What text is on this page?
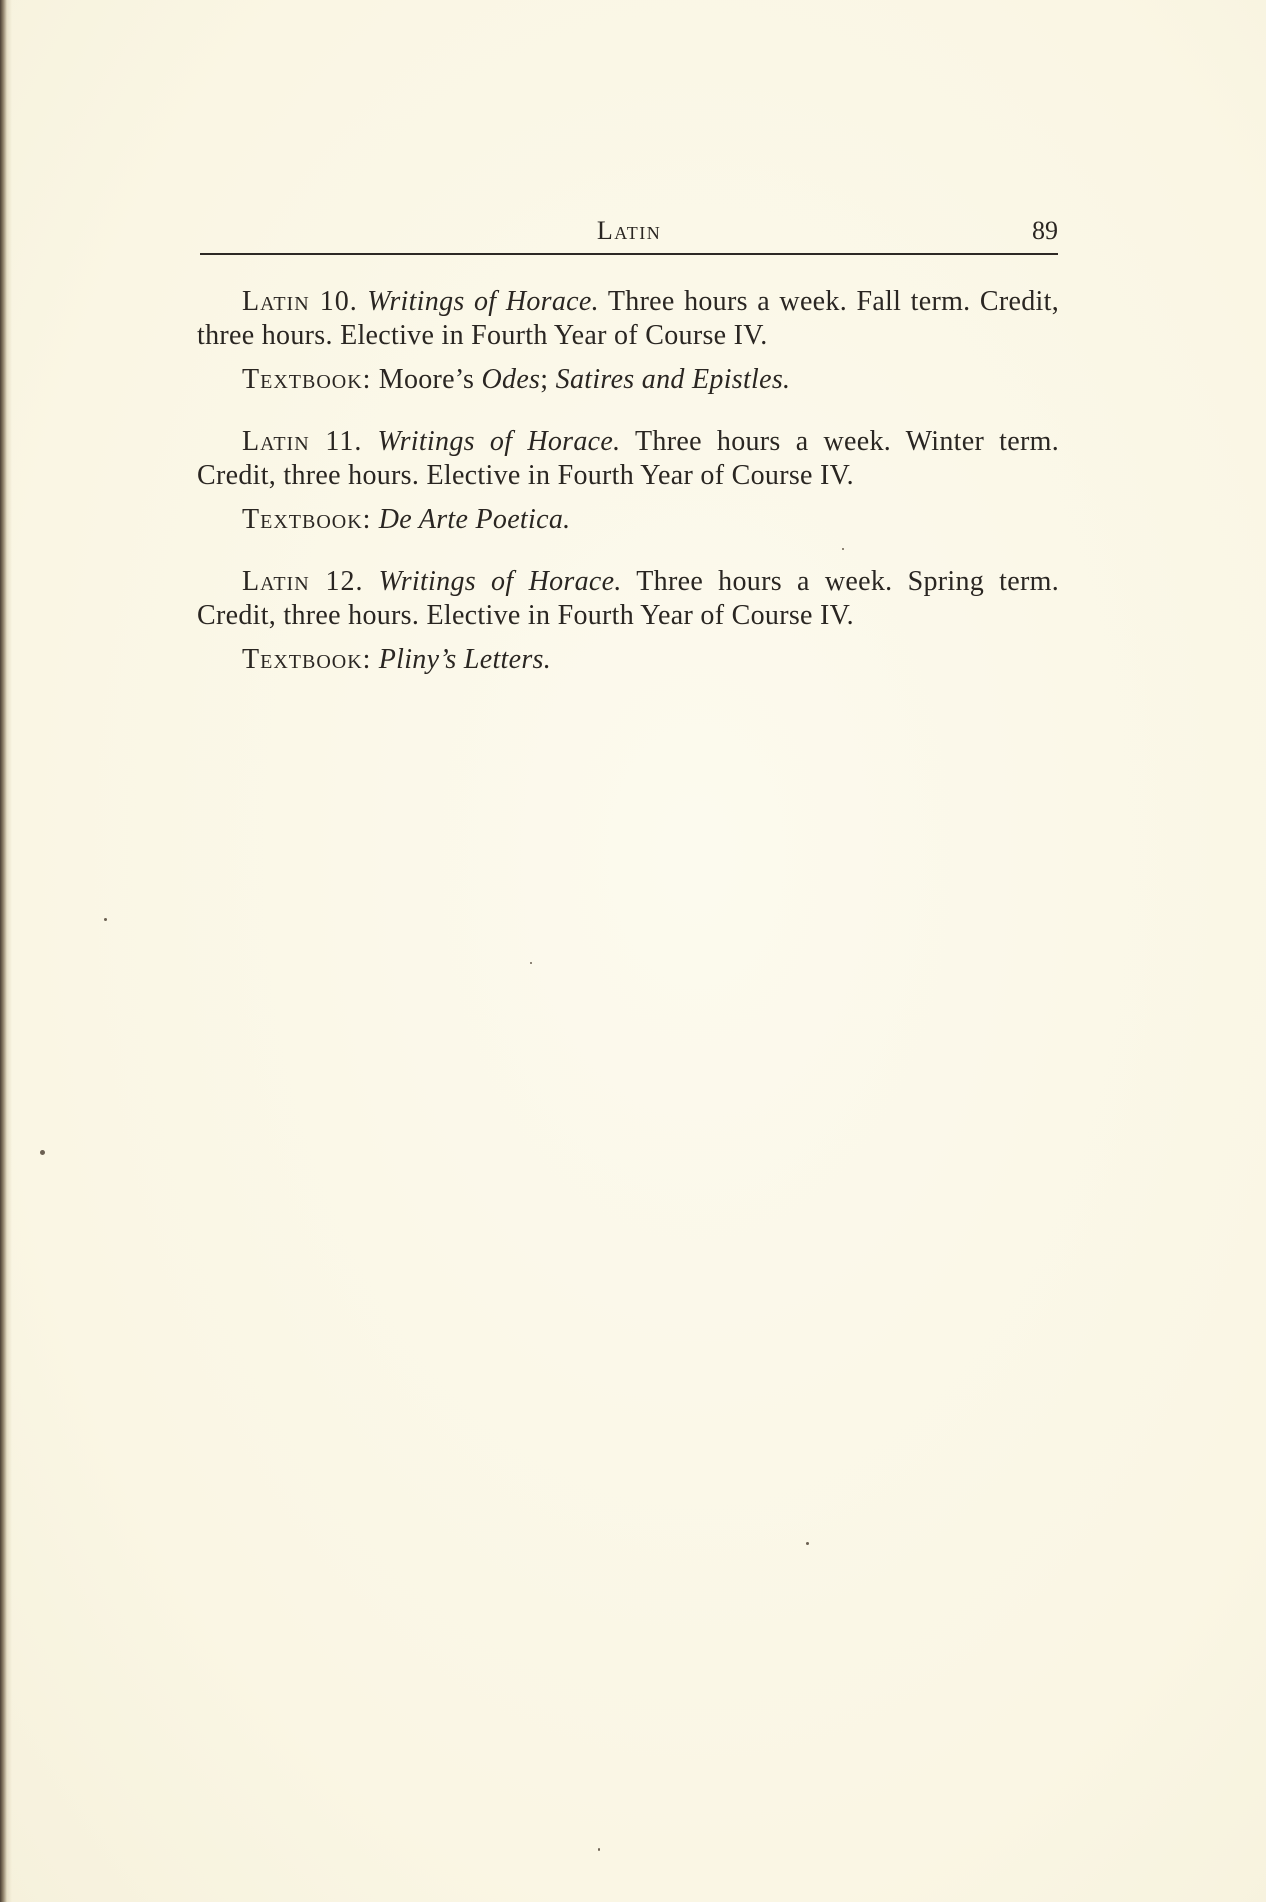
Latin	89

Latin 10. Writings of Horace. Three hours a week. Fall term. Credit, three hours. Elective in Fourth Year of Course IV.

Textbook: Moore’s Odes; Satires and Epistles.

Latin 11. Writings of Horace. Three hours a week. Winter term. Credit, three hours. Elective in Fourth Year of Course IV.

Textbook: De Arte Poetica.

Latin 12. Writings of Horace. Three hours a week. Spring term. Credit, three hours. Elective in Fourth Year of Course IV.

Textbook: Pliny’s Letters.
